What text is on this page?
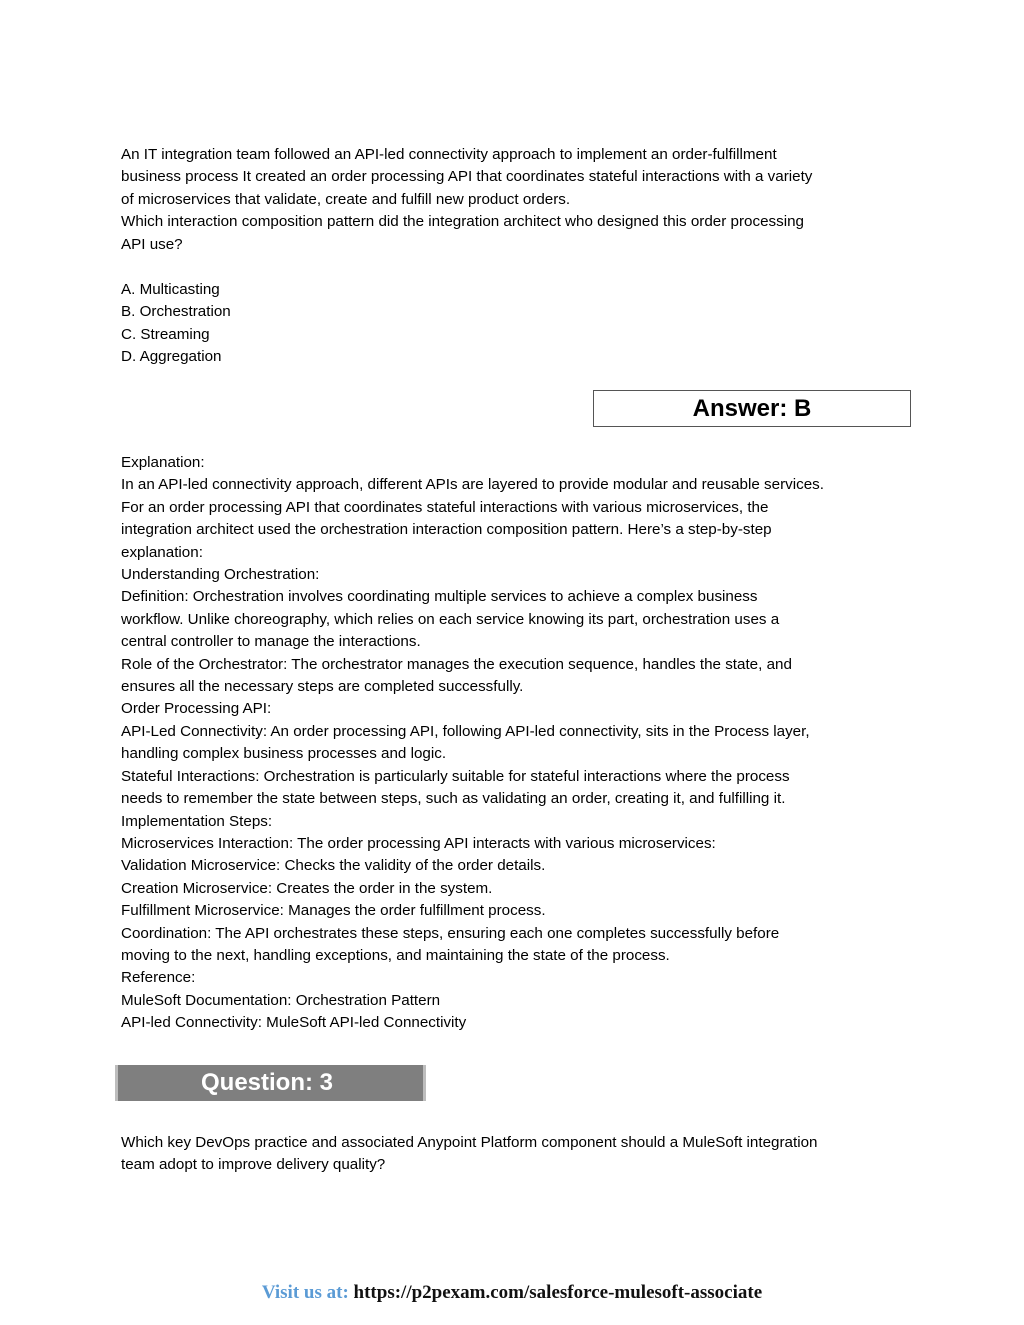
An IT integration team followed an API-led connectivity approach to implement an order-fulfillment
business process It created an order processing API that coordinates stateful interactions with a variety
of microservices that validate, create and fulfill new product orders.
Which interaction composition pattern did the integration architect who designed this order processing
API use?
A. Multicasting
B. Orchestration
C. Streaming
D. Aggregation
Answer: B
Explanation:
In an API-led connectivity approach, different APIs are layered to provide modular and reusable services.
For an order processing API that coordinates stateful interactions with various microservices, the
integration architect used the orchestration interaction composition pattern. Here’s a step-by-step
explanation:
Understanding Orchestration:
Definition: Orchestration involves coordinating multiple services to achieve a complex business
workflow. Unlike choreography, which relies on each service knowing its part, orchestration uses a
central controller to manage the interactions.
Role of the Orchestrator: The orchestrator manages the execution sequence, handles the state, and
ensures all the necessary steps are completed successfully.
Order Processing API:
API-Led Connectivity: An order processing API, following API-led connectivity, sits in the Process layer,
handling complex business processes and logic.
Stateful Interactions: Orchestration is particularly suitable for stateful interactions where the process
needs to remember the state between steps, such as validating an order, creating it, and fulfilling it.
Implementation Steps:
Microservices Interaction: The order processing API interacts with various microservices:
Validation Microservice: Checks the validity of the order details.
Creation Microservice: Creates the order in the system.
Fulfillment Microservice: Manages the order fulfillment process.
Coordination: The API orchestrates these steps, ensuring each one completes successfully before
moving to the next, handling exceptions, and maintaining the state of the process.
Reference:
MuleSoft Documentation: Orchestration Pattern
API-led Connectivity: MuleSoft API-led Connectivity
Question: 3
Which key DevOps practice and associated Anypoint Platform component should a MuleSoft integration
team adopt to improve delivery quality?
Visit us at: https://p2pexam.com/salesforce-mulesoft-associate
